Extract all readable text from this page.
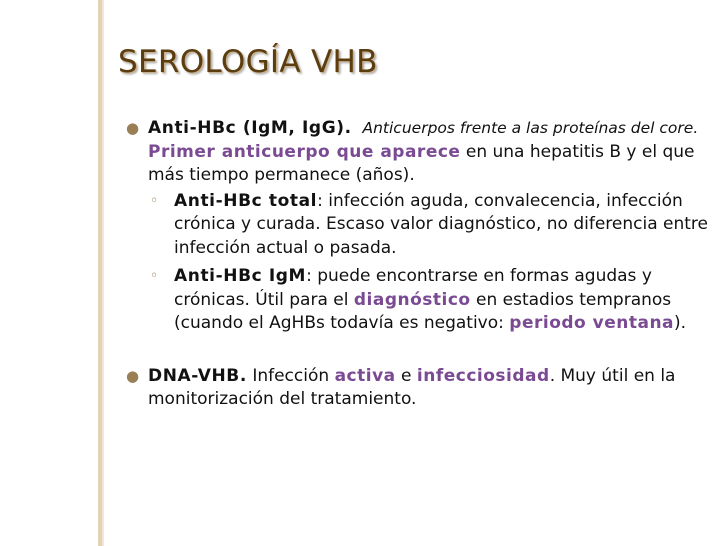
SEROLOGÍA VHB
● Anti-HBc (IgM, IgG). Anticuerpos frente a las proteínas del core.  Primer anticuerpo que aparece en una hepatitis B y el que más tiempo permanece (años).
◦ Anti-HBc total: infección aguda, convalecencia, infección crónica y curada. Escaso valor diagnóstico, no diferencia entre infección actual o pasada.
◦ Anti-HBc IgM: puede encontrarse en formas agudas y crónicas. Útil para el diagnóstico en estadios tempranos (cuando el AgHBs todavía es negativo: periodo ventana).
● DNA-VHB. Infección activa e infecciosidad. Muy útil en la monitorización del tratamiento.
